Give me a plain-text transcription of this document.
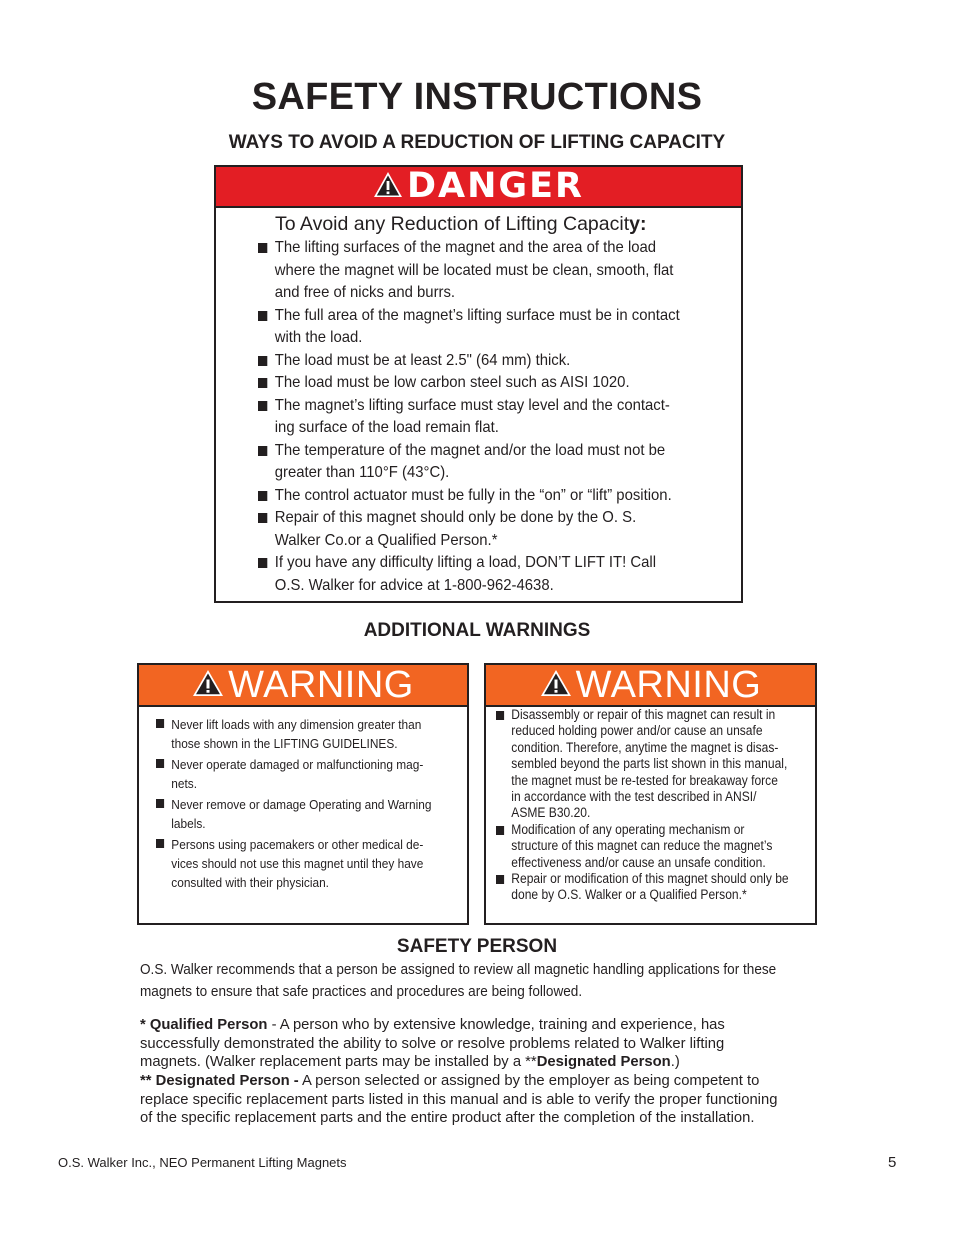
SAFETY INSTRUCTIONS
WAYS TO AVOID A REDUCTION OF LIFTING CAPACITY
DANGER
To Avoid any Reduction of Lifting Capacity:
The lifting surfaces of the magnet and the area of the load
where the magnet will be located must be clean, smooth, flat
and free of nicks and burrs.
The full area of the magnet’s lifting surface must be in contact
with the load.
The load must be at least 2.5" (64 mm) thick.
The load must be low carbon steel such as AISI 1020.
The magnet’s lifting surface must stay level and the contact-
ing surface of the load remain flat.
The temperature of the magnet and/or the load must not be
greater than 110°F (43°C).
The control actuator must be fully in the “on” or “lift” position.
Repair of this magnet should only be done by the O. S.
Walker Co.or a Qualified Person.*
If you have any difficulty lifting a load, DON’T LIFT IT! Call
O.S. Walker for advice at 1-800-962-4638.
ADDITIONAL WARNINGS
WARNING
Never lift loads with any dimension greater than
those shown in the LIFTING GUIDELINES.
Never operate damaged or malfunctioning mag-
nets.
Never remove or damage Operating and Warning
labels.
Persons using pacemakers or other medical de-
vices should not use this magnet until they have
consulted with their physician.
WARNING
Disassembly or repair of this magnet can result in
reduced holding power and/or cause an unsafe
condition. Therefore, anytime the magnet is disas-
sembled beyond the parts list shown in this manual,
the magnet must be re-tested for breakaway force
in accordance with the test described in ANSI/
ASME B30.20.
Modification of any operating mechanism or
structure of this magnet can reduce the magnet’s
effectiveness and/or cause an unsafe condition.
Repair or modification of this magnet should only be
done by O.S. Walker or a Qualified Person.*
SAFETY PERSON
O.S. Walker recommends that a person be assigned to review all magnetic handling applications for these
magnets to ensure that safe practices and procedures are being followed.
* Qualified Person - A person who by extensive knowledge, training and experience, has
successfully demonstrated the ability to solve or resolve problems related to Walker lifting
magnets. (Walker replacement parts may be installed by a **Designated Person.)
** Designated Person - A person selected or assigned by the employer as being competent to
replace specific replacement parts listed in this manual and is able to verify the proper functioning
of the specific replacement parts and the entire product after the completion of the installation.
O.S. Walker Inc., NEO Permanent Lifting Magnets	5
